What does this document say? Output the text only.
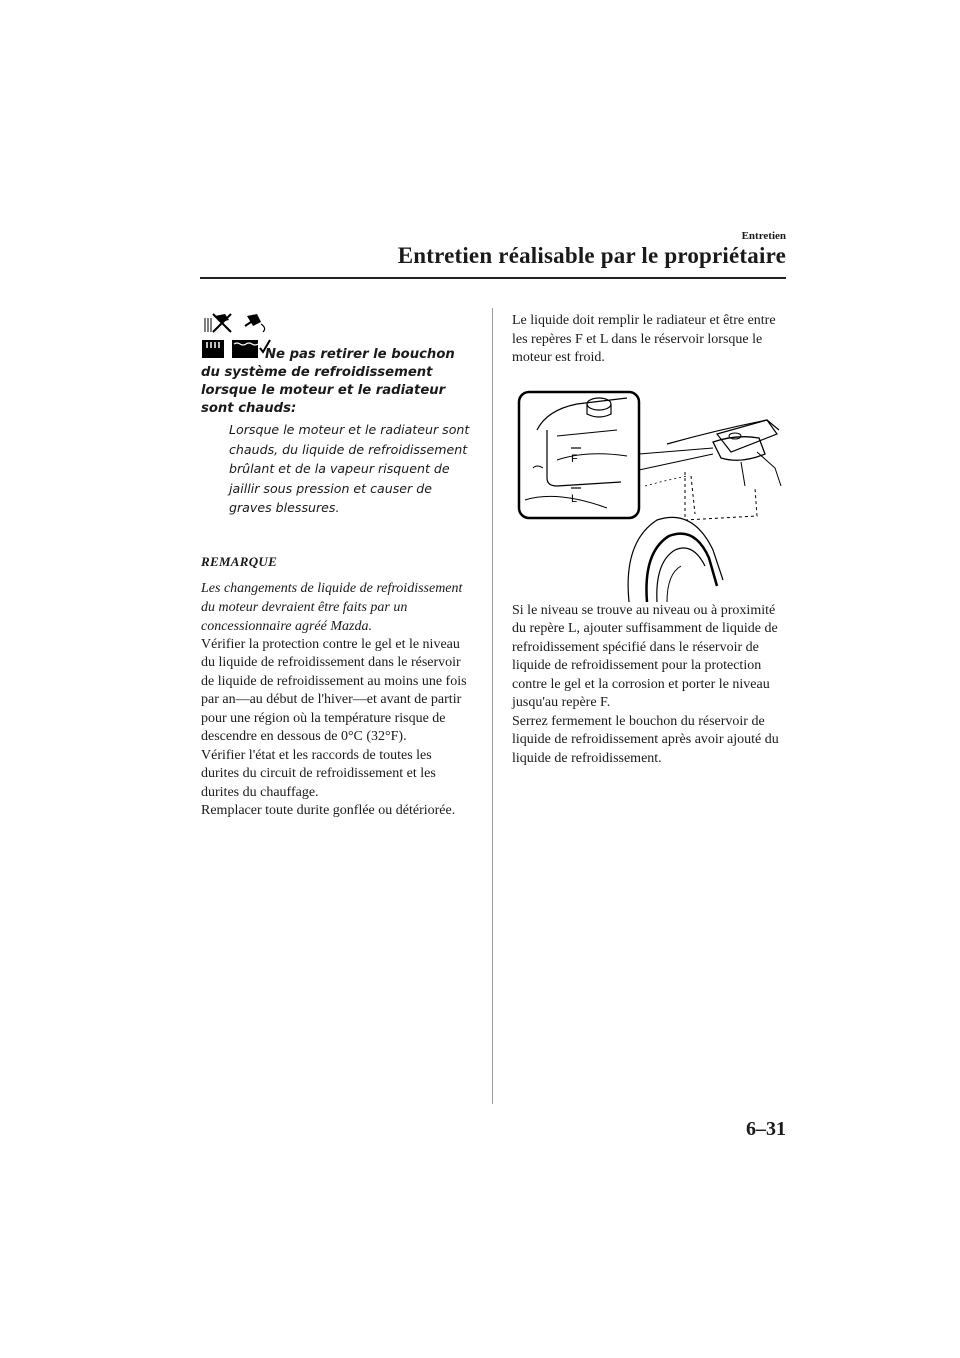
Entretien
Entretien réalisable par le propriétaire
Ne pas retirer le bouchon du système de refroidissement lorsque le moteur et le radiateur sont chauds:
Lorsque le moteur et le radiateur sont chauds, du liquide de refroidissement brûlant et de la vapeur risquent de jaillir sous pression et causer de graves blessures.
REMARQUE
Les changements de liquide de refroidissement du moteur devraient être faits par un concessionnaire agréé Mazda.

Vérifier la protection contre le gel et le niveau du liquide de refroidissement dans le réservoir de liquide de refroidissement au moins une fois par an—au début de l'hiver—et avant de partir pour une région où la température risque de descendre en dessous de 0°C (32°F).

Vérifier l'état et les raccords de toutes les durites du circuit de refroidissement et les durites du chauffage.

Remplacer toute durite gonflée ou détériorée.

Le liquide doit remplir le radiateur et être entre les repères F et L dans le réservoir lorsque le moteur est froid.

F
L

Si le niveau se trouve au niveau ou à proximité du repère L, ajouter suffisamment de liquide de refroidissement spécifié dans le réservoir de liquide de refroidissement pour la protection contre le gel et la corrosion et porter le niveau jusqu'au repère F.

Serrez fermement le bouchon du réservoir de liquide de refroidissement après avoir ajouté du liquide de refroidissement.

6–31
